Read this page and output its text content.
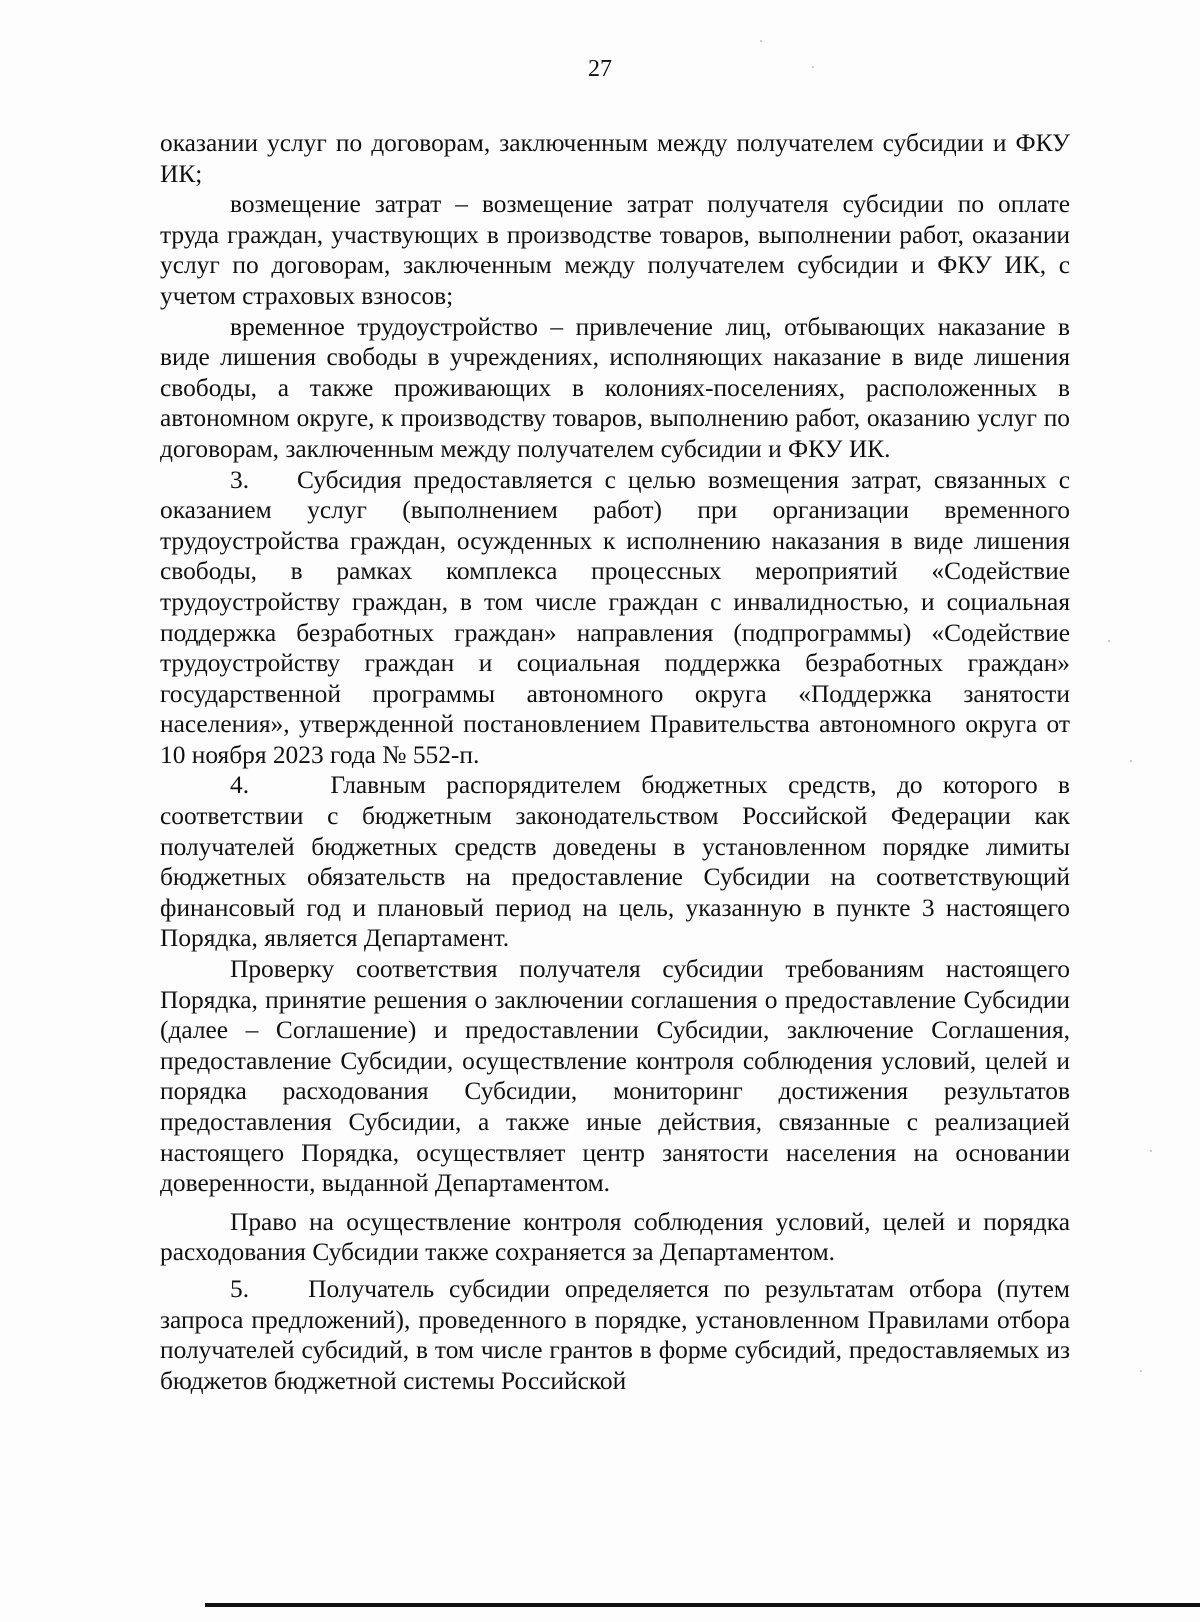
27

оказании услуг по договорам, заключенным между получателем субсидии и ФКУ ИК;

возмещение затрат – возмещение затрат получателя субсидии по оплате труда граждан, участвующих в производстве товаров, выполнении работ, оказании услуг по договорам, заключенным между получателем субсидии и ФКУ ИК, с учетом страховых взносов;

временное трудоустройство – привлечение лиц, отбывающих наказание в виде лишения свободы в учреждениях, исполняющих наказание в виде лишения свободы, а также проживающих в колониях-поселениях, расположенных в автономном округе, к производству товаров, выполнению работ, оказанию услуг по договорам, заключенным между получателем субсидии и ФКУ ИК.

3.    Субсидия предоставляется с целью возмещения затрат, связанных с оказанием услуг (выполнением работ) при организации временного трудоустройства граждан, осужденных к исполнению наказания в виде лишения свободы, в рамках комплекса процессных мероприятий «Содействие трудоустройству граждан, в том числе граждан с инвалидностью, и социальная поддержка безработных граждан» направления (подпрограммы) «Содействие трудоустройству граждан и социальная поддержка безработных граждан» государственной программы автономного округа «Поддержка занятости населения», утвержденной постановлением Правительства автономного округа от 10 ноября 2023 года № 552-п.

4.    Главным распорядителем бюджетных средств, до которого в соответствии с бюджетным законодательством Российской Федерации как получателей бюджетных средств доведены в установленном порядке лимиты бюджетных обязательств на предоставление Субсидии на соответствующий финансовый год и плановый период на цель, указанную в пункте 3 настоящего Порядка, является Департамент.

Проверку соответствия получателя субсидии требованиям настоящего Порядка, принятие решения о заключении соглашения о предоставление Субсидии (далее – Соглашение) и предоставлении Субсидии, заключение Соглашения, предоставление Субсидии, осуществление контроля соблюдения условий, целей и порядка расходования Субсидии, мониторинг достижения результатов предоставления Субсидии, а также иные действия, связанные с реализацией настоящего Порядка, осуществляет центр занятости населения на основании доверенности, выданной Департаментом.

Право на осуществление контроля соблюдения условий, целей и порядка расходования Субсидии также сохраняется за Департаментом.

5.    Получатель субсидии определяется по результатам отбора (путем запроса предложений), проведенного в порядке, установленном Правилами отбора получателей субсидий, в том числе грантов в форме субсидий, предоставляемых из бюджетов бюджетной системы Российской
